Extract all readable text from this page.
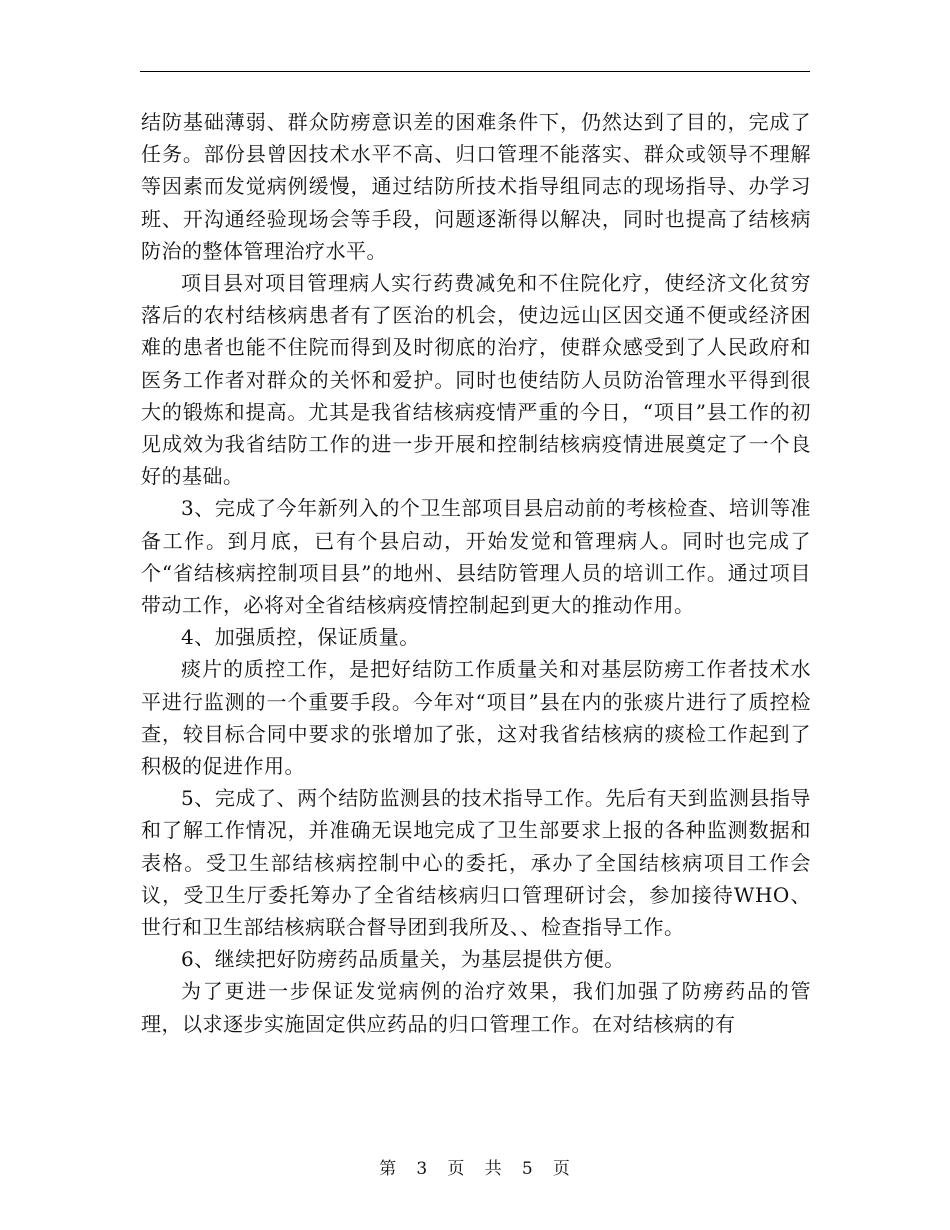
结防基础薄弱、群众防痨意识差的困难条件下，仍然达到了目的，完成了任务。部份县曾因技术水平不高、归口管理不能落实、群众或领导不理解等因素而发觉病例缓慢，通过结防所技术指导组同志的现场指导、办学习班、开沟通经验现场会等手段，问题逐渐得以解决，同时也提高了结核病防治的整体管理治疗水平。

项目县对项目管理病人实行药费减免和不住院化疗，使经济文化贫穷落后的农村结核病患者有了医治的机会，使边远山区因交通不便或经济困难的患者也能不住院而得到及时彻底的治疗，使群众感受到了人民政府和医务工作者对群众的关怀和爱护。同时也使结防人员防治管理水平得到很大的锻炼和提高。尤其是我省结核病疫情严重的今日，“项目”县工作的初见成效为我省结防工作的进一步开展和控制结核病疫情进展奠定了一个良好的基础。

3、完成了今年新列入的个卫生部项目县启动前的考核检查、培训等准备工作。到月底，已有个县启动，开始发觉和管理病人。同时也完成了个“省结核病控制项目县”的地州、县结防管理人员的培训工作。通过项目带动工作，必将对全省结核病疫情控制起到更大的推动作用。

4、加强质控，保证质量。

痰片的质控工作，是把好结防工作质量关和对基层防痨工作者技术水平进行监测的一个重要手段。今年对“项目”县在内的张痰片进行了质控检查，较目标合同中要求的张增加了张，这对我省结核病的痰检工作起到了积极的促进作用。

5、完成了、两个结防监测县的技术指导工作。先后有天到监测县指导和了解工作情况，并准确无误地完成了卫生部要求上报的各种监测数据和表格。受卫生部结核病控制中心的委托，承办了全国结核病项目工作会议，受卫生厅委托筹办了全省结核病归口管理研讨会，参加接待WHO、世行和卫生部结核病联合督导团到我所及、、检查指导工作。

6、继续把好防痨药品质量关，为基层提供方便。

为了更进一步保证发觉病例的治疗效果，我们加强了防痨药品的管理，以求逐步实施固定供应药品的归口管理工作。在对结核病的有

第 3 页 共 5 页
